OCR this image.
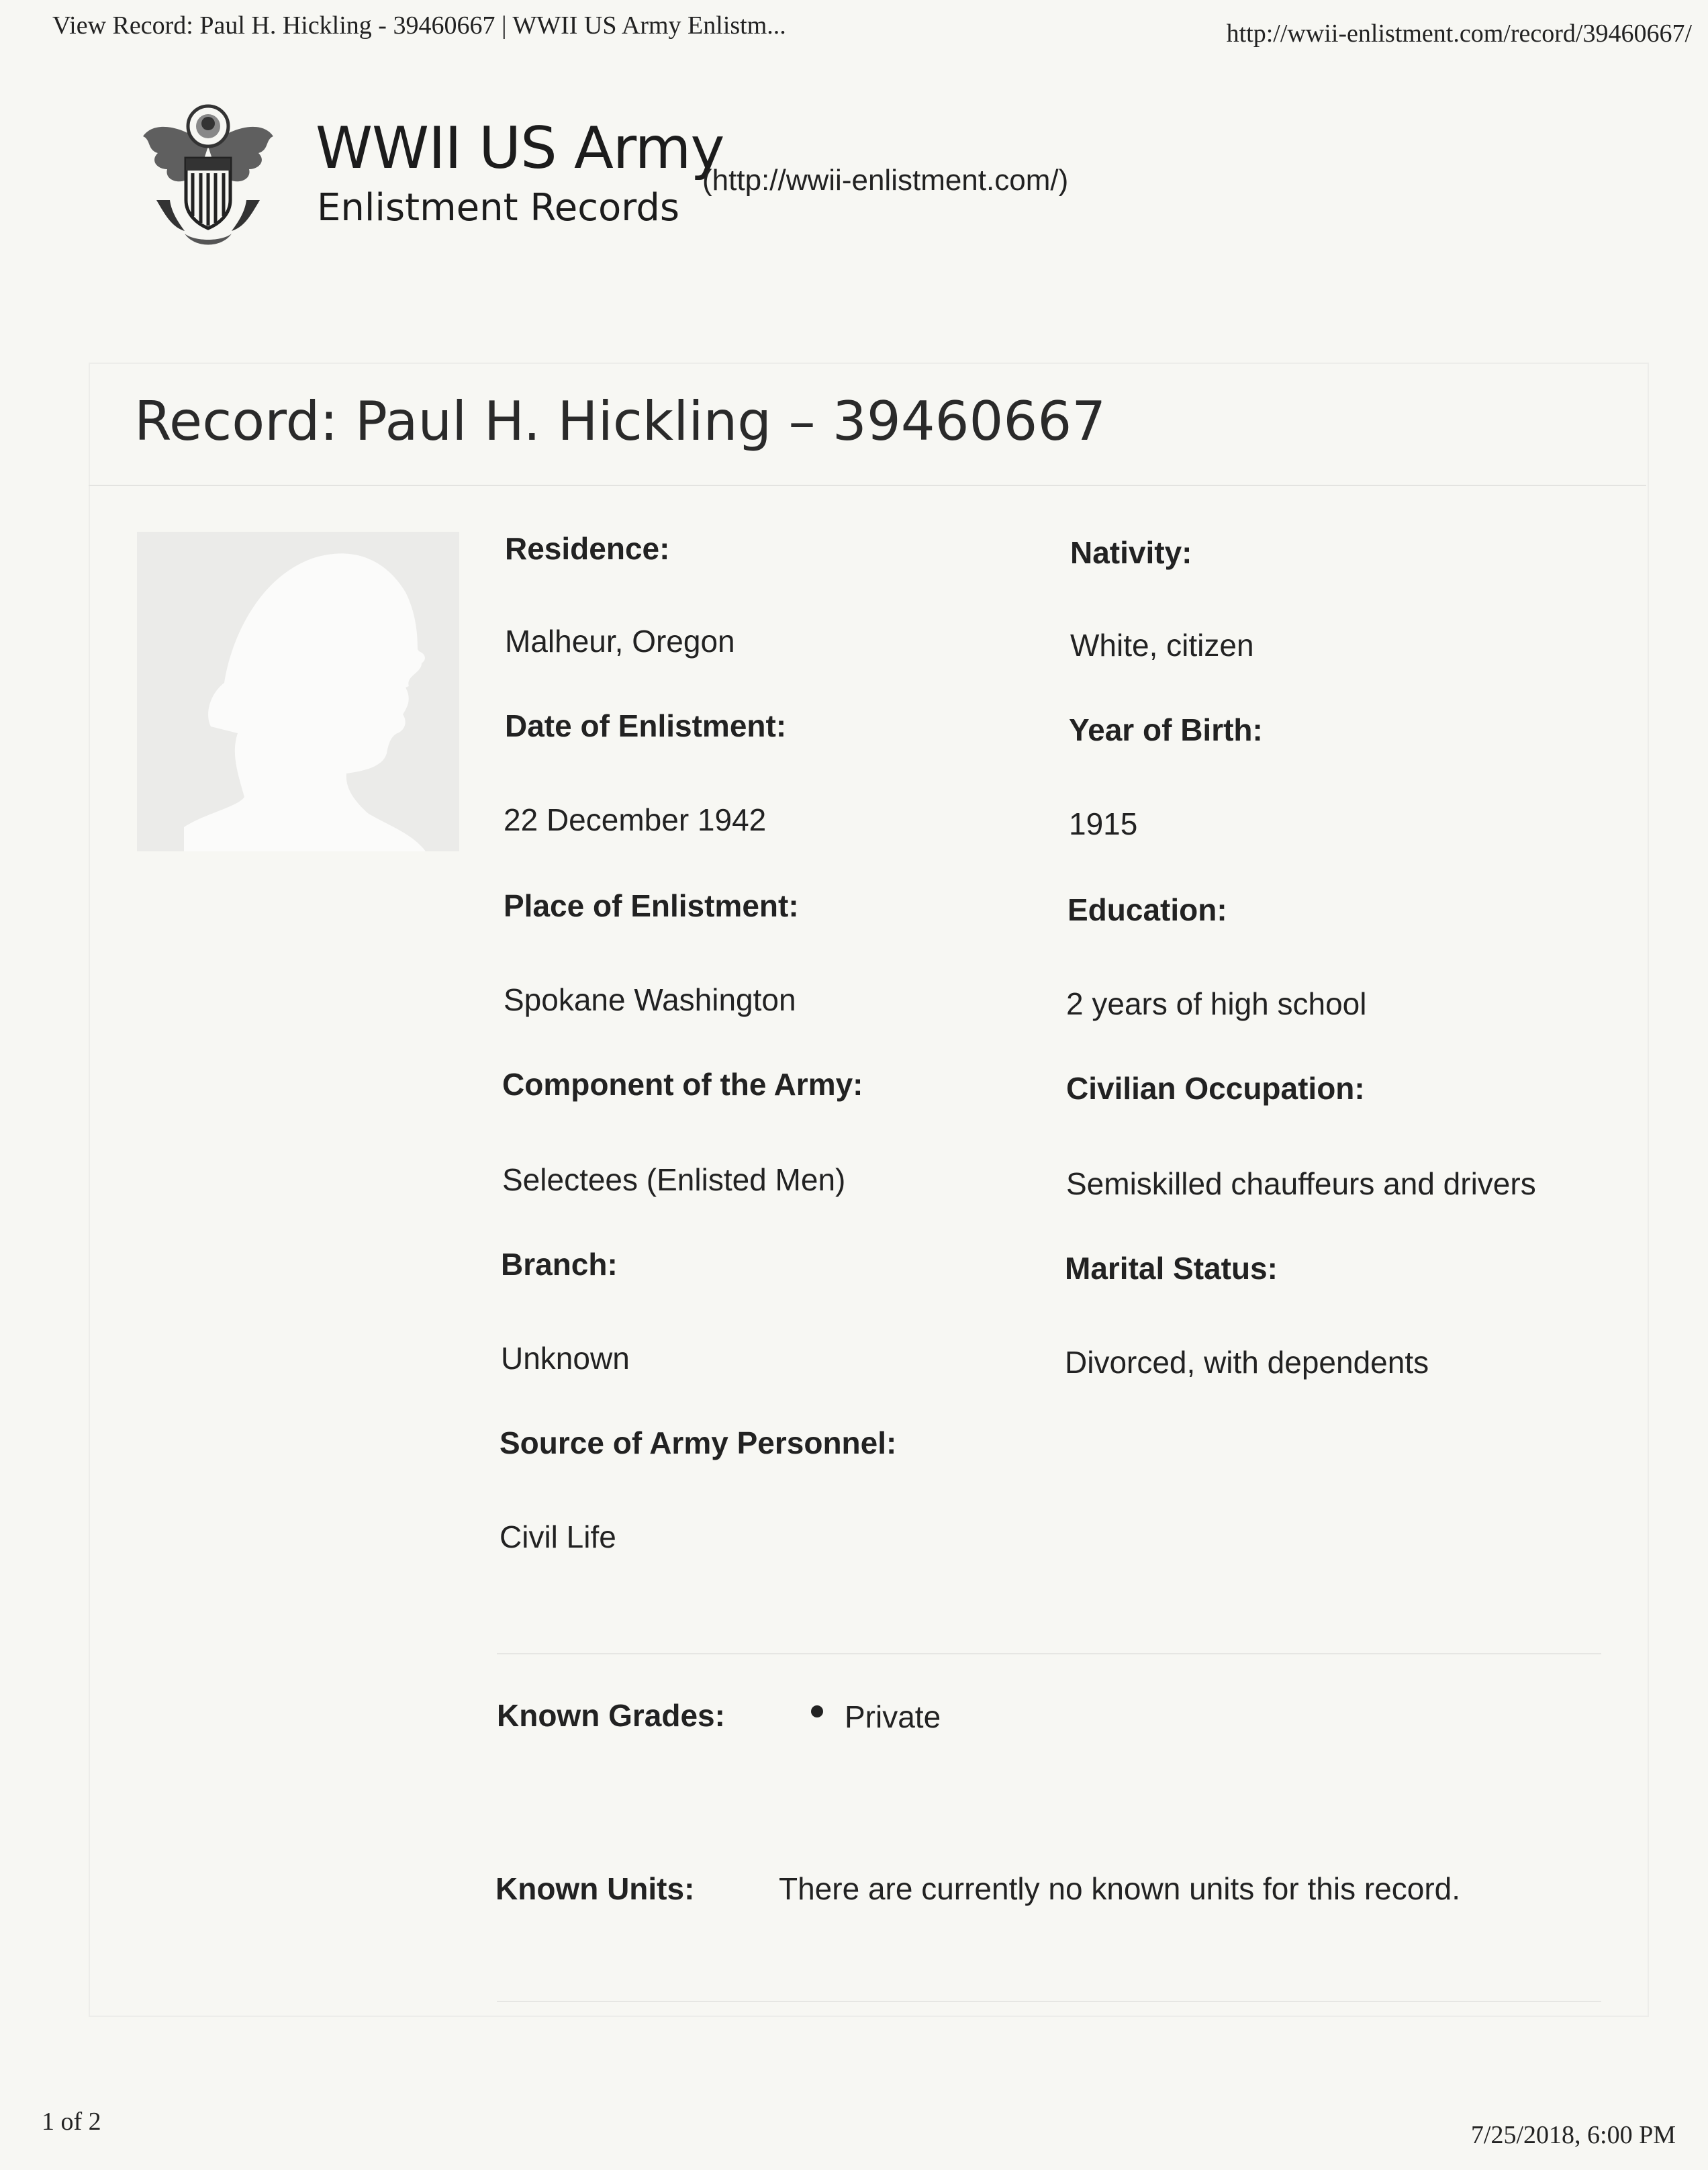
View Record: Paul H. Hickling - 39460667 | WWII US Army Enlistm...	http://wwii-enlistment.com/record/39460667/
WWII US Army
Enlistment Records
(http://wwii-enlistment.com/)
Record: Paul H. Hickling – 39460667
Residence:
Malheur, Oregon
Date of Enlistment:
22 December 1942
Place of Enlistment:
Spokane Washington
Component of the Army:
Selectees (Enlisted Men)
Branch:
Unknown
Source of Army Personnel:
Civil Life
Nativity:
White, citizen
Year of Birth:
1915
Education:
2 years of high school
Civilian Occupation:
Semiskilled chauffeurs and drivers
Marital Status:
Divorced, with dependents
Known Grades:	Private
Known Units:	There are currently no known units for this record.
1 of 2	7/25/2018, 6:00 PM
